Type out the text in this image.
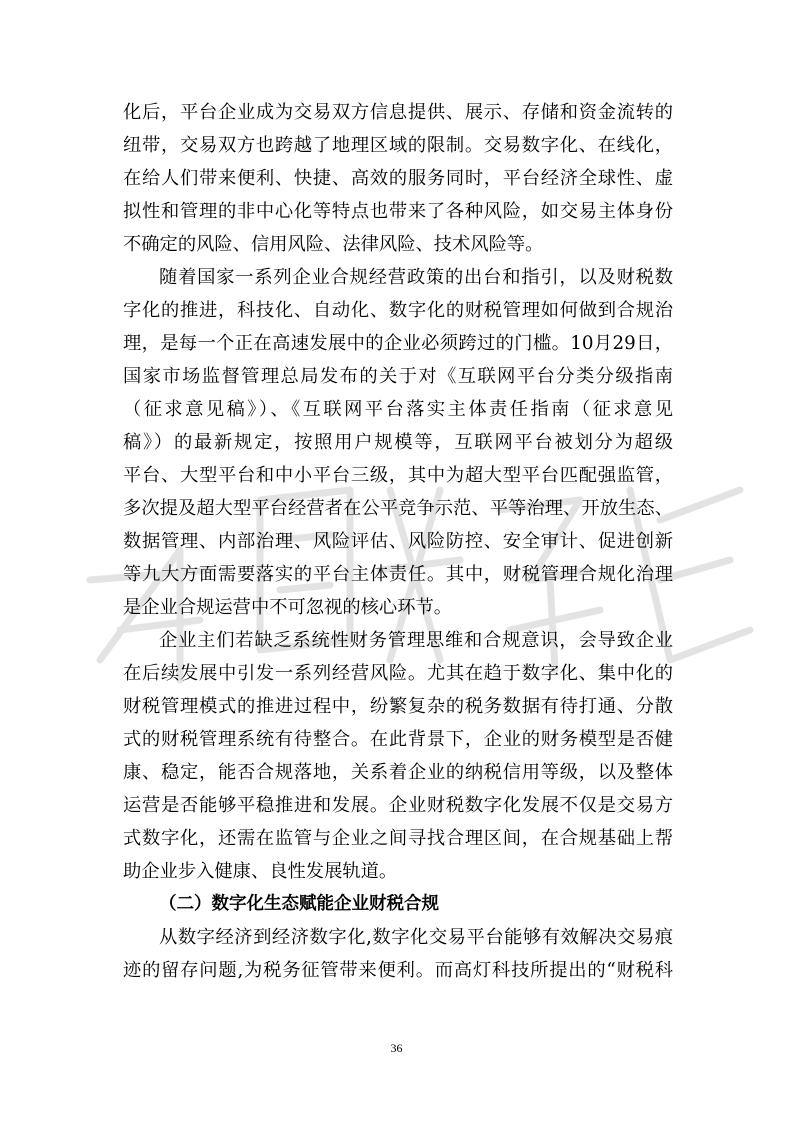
化后，平台企业成为交易双方信息提供、展示、存储和资金流转的
纽带，交易双方也跨越了地理区域的限制。交易数字化、在线化，
在给人们带来便利、快捷、高效的服务同时，平台经济全球性、虚
拟性和管理的非中心化等特点也带来了各种风险，如交易主体身份
不确定的风险、信用风险、法律风险、技术风险等。
随着国家一系列企业合规经营政策的出台和指引，以及财税数
字化的推进，科技化、自动化、数字化的财税管理如何做到合规治
理，是每一个正在高速发展中的企业必须跨过的门槛。10月29日，
国家市场监督管理总局发布的关于对《互联网平台分类分级指南
（征求意见稿》）、《互联网平台落实主体责任指南（征求意见
稿》）的最新规定，按照用户规模等，互联网平台被划分为超级
平台、大型平台和中小平台三级，其中为超大型平台匹配强监管，
多次提及超大型平台经营者在公平竞争示范、平等治理、开放生态、
数据管理、内部治理、风险评估、风险防控、安全审计、促进创新
等九大方面需要落实的平台主体责任。其中，财税管理合规化治理
是企业合规运营中不可忽视的核心环节。
企业主们若缺乏系统性财务管理思维和合规意识，会导致企业
在后续发展中引发一系列经营风险。尤其在趋于数字化、集中化的
财税管理模式的推进过程中，纷繁复杂的税务数据有待打通、分散
式的财税管理系统有待整合。在此背景下，企业的财务模型是否健
康、稳定，能否合规落地，关系着企业的纳税信用等级，以及整体
运营是否能够平稳推进和发展。企业财税数字化发展不仅是交易方
式数字化，还需在监管与企业之间寻找合理区间，在合规基础上帮
助企业步入健康、良性发展轨道。
（二）数字化生态赋能企业财税合规
从数字经济到经济数字化,数字化交易平台能够有效解决交易痕
迹的留存问题,为税务征管带来便利。而高灯科技所提出的“财税科
36
